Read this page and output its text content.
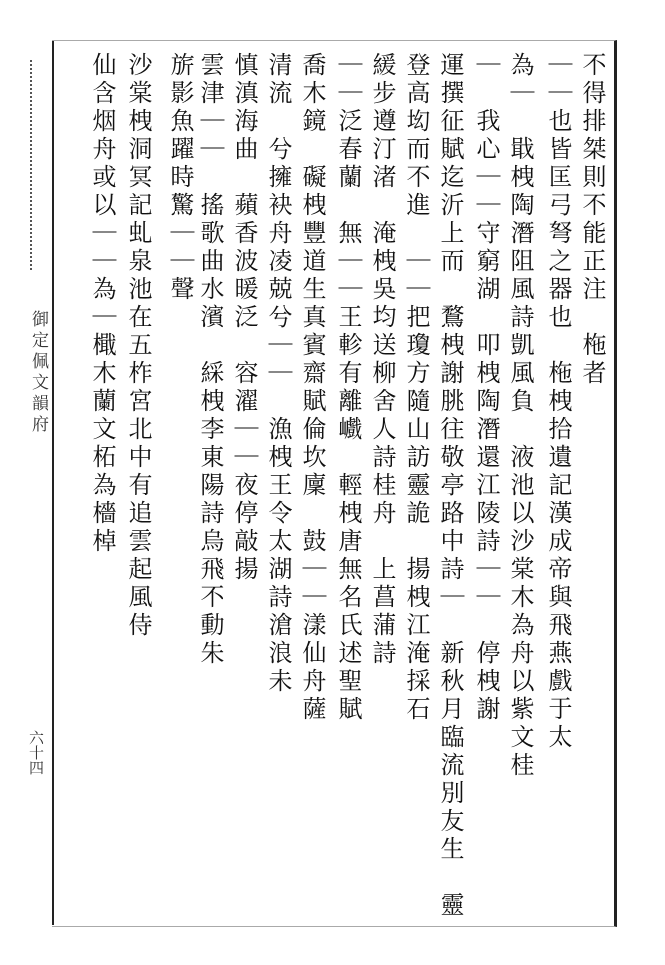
御定佩文韻府
六十四
不得排桀則不能正注　柂者
｜｜也皆匡弓弩之器也　柂栧拾遺記漢成帝與飛燕戲于太
為｜　戢栧陶潛阻風詩凱風負　液池以沙棠木為舟以紫文桂
｜　我心｜｜守窮湖　叩栧陶潛還江陵詩｜｜　停栧謝
運撰征賦迄沂上而　鶩栧謝朓往敬亭路中詩｜　新秋月臨流別友生　靈
登高㘭而不進　｜｜把瓊方隨山訪靈詭　揚栧江淹採石
緩步遵汀渚　淹栧吳均送柳舍人詩桂舟　上菖蒲詩
｜｜泛春蘭　無｜｜王軫有離巇　輕栧唐無名氏述聖賦
喬木鏡　礙栧豐道生真賓齋賦倫坎廩　鼓｜｜漾仙舟薩
清流　兮擁袂舟凌兢兮｜｜　漁栧王令太湖詩滄浪未
慎滇海曲　蘋香波暖泛　容濯｜｜夜停敲揚
雲津｜｜　搖歌曲水濱　綵栧李東陽詩烏飛不動朱
旂影魚躍時驚｜｜聲
沙棠栧洞冥記虬泉池在五柞宮北中有追雲起風侍
仙含烟舟或以｜｜為｜檝木蘭文柘為檣棹
